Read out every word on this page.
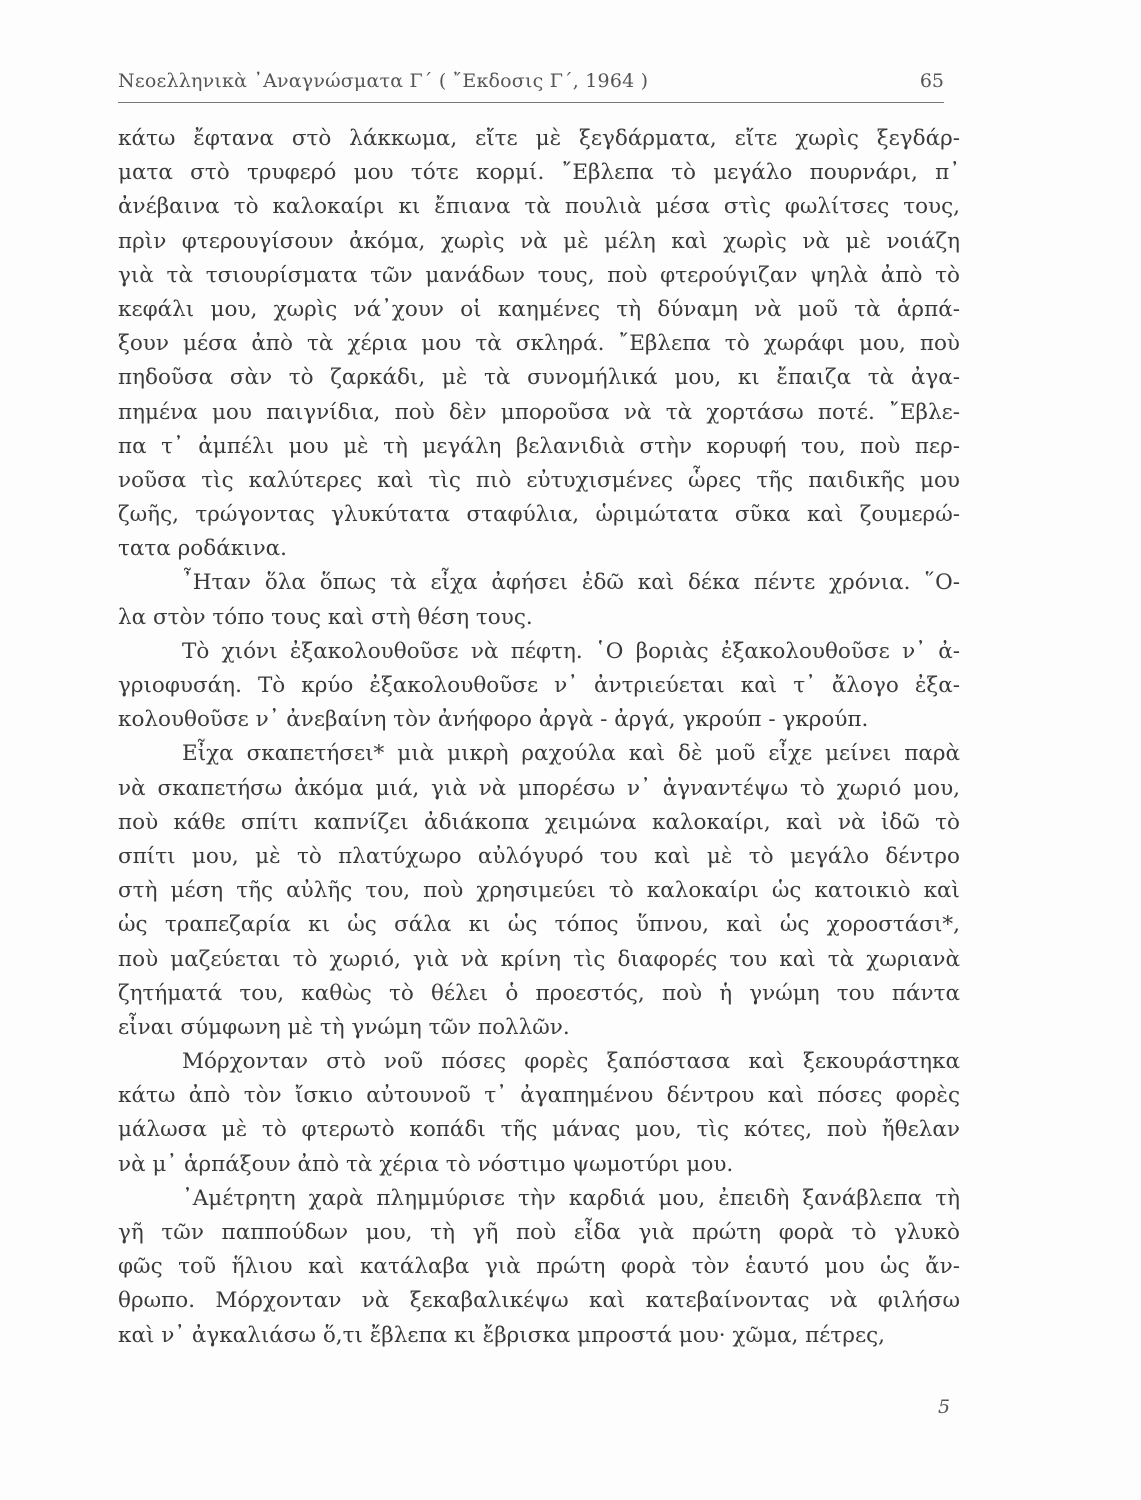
Νεοελληνικὰ ᾿Αναγνώσματα Γ΄ ( ῎Εκδοσις Γ΄, 1964 )	65
κάτω ἔφτανα στὸ λάκκωμα, εἴτε μὲ ξεγδάρματα, εἴτε χωρὶς ξεγδάρ-
ματα στὸ τρυφερό μου τότε κορμί. ῎Εβλεπα τὸ μεγάλο πουρνάρι, π᾿
ἀνέβαινα τὸ καλοκαίρι κι ἔπιανα τὰ πουλιὰ μέσα στὶς φωλίτσες τους,
πρὶν φτερουγίσουν ἀκόμα, χωρὶς νὰ μὲ μέλη καὶ χωρὶς νὰ μὲ νοιάζη
γιὰ τὰ τσιουρίσματα τῶν μανάδων τους, ποὺ φτερούγιζαν ψηλὰ ἀπὸ τὸ
κεφάλι μου, χωρὶς νά᾿χουν οἱ καημένες τὴ δύναμη νὰ μοῦ τὰ ἁρπά-
ξουν μέσα ἀπὸ τὰ χέρια μου τὰ σκληρά. ῎Εβλεπα τὸ χωράφι μου, ποὺ
πηδοῦσα σὰν τὸ ζαρκάδι, μὲ τὰ συνομήλικά μου, κι ἔπαιζα τὰ ἀγα-
πημένα μου παιγνίδια, ποὺ δὲν μποροῦσα νὰ τὰ χορτάσω ποτέ. ῎Εβλε-
πα τ᾿ ἀμπέλι μου μὲ τὴ μεγάλη βελανιδιὰ στὴν κορυφή του, ποὺ περ-
νοῦσα τὶς καλύτερες καὶ τὶς πιὸ εὐτυχισμένες ὧρες τῆς παιδικῆς μου
ζωῆς, τρώγοντας γλυκύτατα σταφύλια, ὡριμώτατα σῦκα καὶ ζουμερώ-
τατα ροδάκινα.
῏Ηταν ὅλα ὅπως τὰ εἶχα ἀφήσει ἐδῶ καὶ δέκα πέντε χρόνια. ῞Ο-
λα στὸν τόπο τους καὶ στὴ θέση τους.
Τὸ χιόνι ἐξακολουθοῦσε νὰ πέφτη. ῾Ο βοριὰς ἐξακολουθοῦσε ν᾿ ἀ-
γριοφυσάη. Τὸ κρύο ἐξακολουθοῦσε ν᾿ ἀντριεύεται καὶ τ᾿ ἄλογο ἐξα-
κολουθοῦσε ν᾿ ἀνεβαίνη τὸν ἀνήφορο ἀργὰ - ἀργά, γκρούπ - γκρούπ.
Εἶχα σκαπετήσει* μιὰ μικρὴ ραχούλα καὶ δὲ μοῦ εἶχε μείνει παρὰ
νὰ σκαπετήσω ἀκόμα μιά, γιὰ νὰ μπορέσω ν᾿ ἀγναντέψω τὸ χωριό μου,
ποὺ κάθε σπίτι καπνίζει ἀδιάκοπα χειμώνα καλοκαίρι, καὶ νὰ ἰδῶ τὸ
σπίτι μου, μὲ τὸ πλατύχωρο αὐλόγυρό του καὶ μὲ τὸ μεγάλο δέντρο
στὴ μέση τῆς αὐλῆς του, ποὺ χρησιμεύει τὸ καλοκαίρι ὡς κατοικιὸ καὶ
ὡς τραπεζαρία κι ὡς σάλα κι ὡς τόπος ὕπνου, καὶ ὡς χοροστάσι*,
ποὺ μαζεύεται τὸ χωριό, γιὰ νὰ κρίνη τὶς διαφορές του καὶ τὰ χωριανὰ
ζητήματά του, καθὼς τὸ θέλει ὁ προεστός, ποὺ ἡ γνώμη του πάντα
εἶναι σύμφωνη μὲ τὴ γνώμη τῶν πολλῶν.
Μόρχονταν στὸ νοῦ πόσες φορὲς ξαπόστασα καὶ ξεκουράστηκα
κάτω ἀπὸ τὸν ἴσκιο αὐτουνοῦ τ᾿ ἀγαπημένου δέντρου καὶ πόσες φορὲς
μάλωσα μὲ τὸ φτερωτὸ κοπάδι τῆς μάνας μου, τὶς κότες, ποὺ ἤθελαν
νὰ μ᾿ ἁρπάξουν ἀπὸ τὰ χέρια τὸ νόστιμο ψωμοτύρι μου.
᾿Αμέτρητη χαρὰ πλημμύρισε τὴν καρδιά μου, ἐπειδὴ ξανάβλεπα τὴ
γῆ τῶν παππούδων μου, τὴ γῆ ποὺ εἶδα γιὰ πρώτη φορὰ τὸ γλυκὸ
φῶς τοῦ ἥλιου καὶ κατάλαβα γιὰ πρώτη φορὰ τὸν ἑαυτό μου ὡς ἄν-
θρωπο. Μόρχονταν νὰ ξεκαβαλικέψω καὶ κατεβαίνοντας νὰ φιλήσω
καὶ ν᾿ ἀγκαλιάσω ὅ,τι ἔβλεπα κι ἔβρισκα μπροστά μου· χῶμα, πέτρες,
5
